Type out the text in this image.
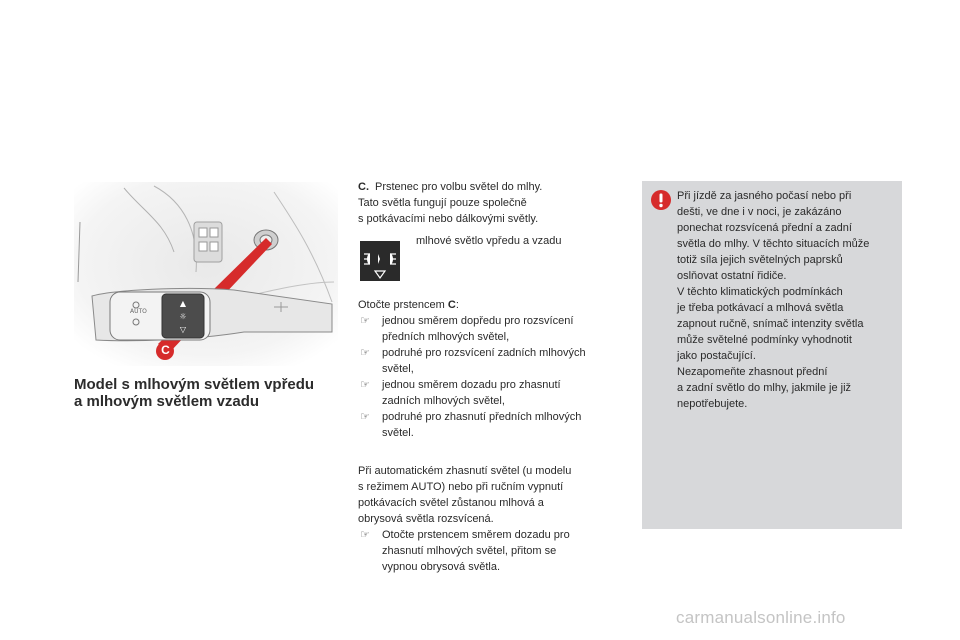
▲
☼
▽
AUTO
C
Model s mlhovým světlem vpředu
a mlhovým světlem vzadu

C. Prstenec pro volbu světel do mlhy.
Tato světla fungují pouze společně
s potkávacími nebo dálkovými světly.

mlhové světlo vpředu a vzadu

Otočte prstencem C:

☞ jednou směrem dopředu pro rozsvícení
předních mlhových světel,
☞ podruhé pro rozsvícení zadních mlhových
světel,
☞ jednou směrem dozadu pro zhasnutí
zadních mlhových světel,
☞ podruhé pro zhasnutí předních mlhových
světel.

Při automatickém zhasnutí světel (u modelu
s režimem AUTO) nebo při ručním vypnutí
potkávacích světel zůstanou mlhová a
obrysová světla rozsvícená.

☞ Otočte prstencem směrem dozadu pro
zhasnutí mlhových světel, přitom se
vypnou obrysová světla.

Při jízdě za jasného počasí nebo při
dešti, ve dne i v noci, je zakázáno
ponechat rozsvícená přední a zadní
světla do mlhy. V těchto situacích může
totiž síla jejich světelných paprsků
oslňovat ostatní řidiče.
V těchto klimatických podmínkách
je třeba potkávací a mlhová světla
zapnout ručně, snímač intenzity světla
může světelné podmínky vyhodnotit
jako postačující.
Nezapomeňte zhasnout přední
a zadní světlo do mlhy, jakmile je již
nepotřebujete.

carmanualsonline.info
